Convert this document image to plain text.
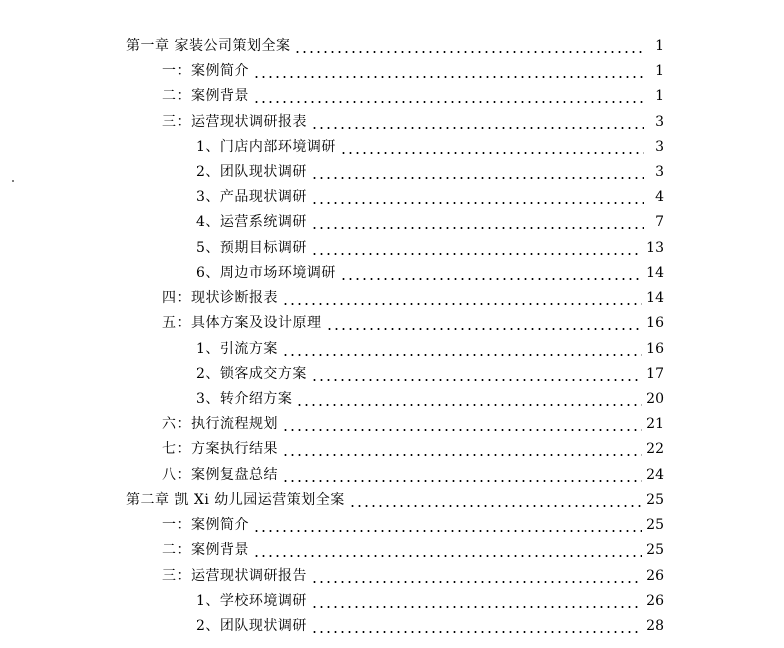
第一章 家装公司策划全案	1
一：案例简介	1
二：案例背景	1
三：运营现状调研报表	3
1、门店内部环境调研	3
2、团队现状调研	3
3、产品现状调研	4
4、运营系统调研	7
5、预期目标调研	13
6、周边市场环境调研	14
四：现状诊断报表	14
五：具体方案及设计原理	16
1、引流方案	16
2、锁客成交方案	17
3、转介绍方案	20
六：执行流程规划	21
七：方案执行结果	22
八：案例复盘总结	24
第二章 凯 Xi 幼儿园运营策划全案	25
一：案例简介	25
二：案例背景	25
三：运营现状调研报告	26
1、学校环境调研	26
2、团队现状调研	28
